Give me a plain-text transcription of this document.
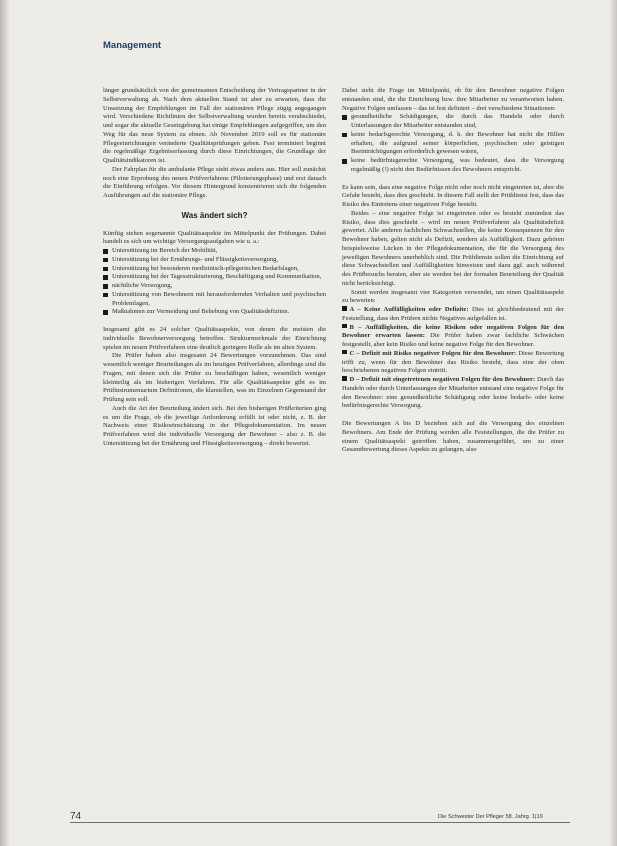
Management

länger grundsätzlich von der gemeinsamen Entscheidung der Vertragspartner in der Selbstverwaltung ab. Nach dem aktuellen Stand ist aber zu erwarten, dass die Umsetzung der Empfehlungen im Fall der stationären Pflege zügig angegangen wird. Verschiedene Richtlinien der Selbstverwaltung wurden bereits verabschiedet, und sogar die aktuelle Gesetzgebung hat einige Empfehlungen aufgegriffen, um den Weg für das neue System zu ebnen. Ab November 2019 soll es für stationäre Pflegeeinrichtungen veränderte Qualitätsprüfungen geben. Fest terminiert beginnt die regelmäßige Ergebniserfassung durch diese Einrichtungen, die Grundlage der Qualitätsindikatoren ist.

Der Fahrplan für die ambulante Pflege sieht etwas anders aus. Hier soll zunächst noch eine Erprobung des neuen Prüfverfahrens (Pilotierungsphase) und erst danach die Einführung erfolgen. Vor diesem Hintergrund konzentrieren sich die folgenden Ausführungen auf die stationäre Pflege.

Was ändert sich?

Künftig stehen sogenannte Qualitätsaspekte im Mittelpunkt der Prüfungen. Dabei handelt es sich um wichtige Versorgungsaufgaben wie u. a.:

Unterstützung im Bereich der Mobilität,
Unterstützung bei der Ernährungs- und Flüssigkeitsversorgung,
Unterstützung bei besonderen medizinisch-pflegerischen Bedarfslagen,
Unterstützung bei der Tagesstrukturierung, Beschäftigung und Kommunikation,
nächtliche Versorgung,
Unterstützung von Bewohnern mit herausfordernden Verhalten und psychischen Problemlagen,
Maßnahmen zur Vermeidung und Behebung von Qualitätsdefiziten.

Insgesamt gibt es 24 solcher Qualitätsaspekte, von denen die meisten die individuelle Bewohnerversorgung betreffen. Strukturmerkmale der Einrichtung spielen im neuen Prüfverfahren eine deutlich geringere Rolle als im alten System.

Die Prüfer haben also insgesamt 24 Bewertungen vorzunehmen. Das sind wesentlich weniger Beurteilungen als im heutigen Prüfverfahren, allerdings sind die Fragen, mit denen sich die Prüfer zu beschäftigen haben, wesentlich weniger kleinteilig als im bisherigen Verfahren. Für alle Qualitätsaspekte gibt es im Prüfinstrumentarium Definitionen, die klarstellen, was im Einzelnen Gegenstand der Prüfung sein soll.

Auch die Art der Beurteilung ändert sich. Bei den bisherigen Prüfkriterien ging es um die Frage, ob die jeweilige Anforderung erfüllt ist oder nicht, z. B. der Nachweis einer Risikoeinschätzung in der Pflegedokumentation. Im neuen Prüfverfahren wird die individuelle Versorgung der Bewohner – also z. B. die Unterstützung bei der Ernährung und Flüssigkeitsversorgung – direkt bewertet.

Dabei steht die Frage im Mittelpunkt, ob für den Bewohner negative Folgen entstanden sind, die die Einrichtung bzw. ihre Mitarbeiter zu verantworten haben. Negative Folgen umfassen – das ist fest definiert – drei verschiedene Situationen:

gesundheitliche Schädigungen, die durch das Handeln oder durch Unterlassungen der Mitarbeiter entstanden sind,
keine bedarfsgerechte Versorgung, d. h. der Bewohner hat nicht die Hilfen erhalten, die aufgrund seiner körperlichen, psychischen oder geistigen Beeinträchtigungen erforderlich gewesen wären,
keine bedürfnisgerechte Versorgung, was bedeutet, dass die Versorgung regelmäßig (!) nicht den Bedürfnissen des Bewohners entspricht.

Es kann sein, dass eine negative Folge nicht oder noch nicht eingetreten ist, aber die Gefahr besteht, dass dies geschieht. In diesem Fall stellt der Prüfdienst fest, dass das Risiko des Eintretens einer negativen Folge besteht.

Beides – eine negative Folge ist eingetreten oder es besteht zumindest das Risiko, dass dies geschieht – wird im neuen Prüfverfahren als Qualitätsdefizit gewertet. Alle anderen fachlichen Schwachstellen, die keine Konsequenzen für den Bewohner haben, gelten nicht als Defizit, sondern als Auffälligkeit. Dazu gehören beispielsweise Lücken in der Pflegedokumentation, die für die Versorgung des jeweiligen Bewohners unerheblich sind. Die Prüfdienste sollen die Einrichtung auf diese Schwachstellen und Auffälligkeiten hinweisen und dazu ggf. auch während des Prüfbesuchs beraten, aber sie werden bei der formalen Beurteilung der Qualität nicht berücksichtigt.

Somit werden insgesamt vier Kategorien verwendet, um einen Qualitätsaspekt zu bewerten:

A – Keine Auffälligkeiten oder Defizite: Dies ist gleichbedeutend mit der Feststellung, dass den Prüfern nichts Negatives aufgefallen ist.

B – Auffälligkeiten, die keine Risiken oder negativen Folgen für den Bewohner erwarten lassen: Die Prüfer haben zwar fachliche Schwächen festgestellt, aber kein Risiko und keine negative Folge für den Bewohner.

C – Defizit mit Risiko negativer Folgen für den Bewohner: Diese Bewertung trifft zu, wenn für den Bewohner das Risiko besteht, dass eine der oben beschriebenen negativen Folgen eintritt.

D – Defizit mit eingetretenen negativen Folgen für den Bewohner: Durch das Handeln oder durch Unterlassungen der Mitarbeiter entstand eine negative Folge für den Bewohner: eine gesundheitliche Schädigung oder keine bedarfs- oder keine bedürfnisgerechte Versorgung.

Die Bewertungen A bis D beziehen sich auf die Versorgung des einzelnen Bewohners. Am Ende der Prüfung werden alle Feststellungen, die die Prüfer zu einem Qualitätsaspekt getroffen haben, zusammengeführt, um zu einer Gesamtbewertung dieses Aspekts zu gelangen, also

74	Die Schwester Der Pfleger 58. Jahrg. 1|19
